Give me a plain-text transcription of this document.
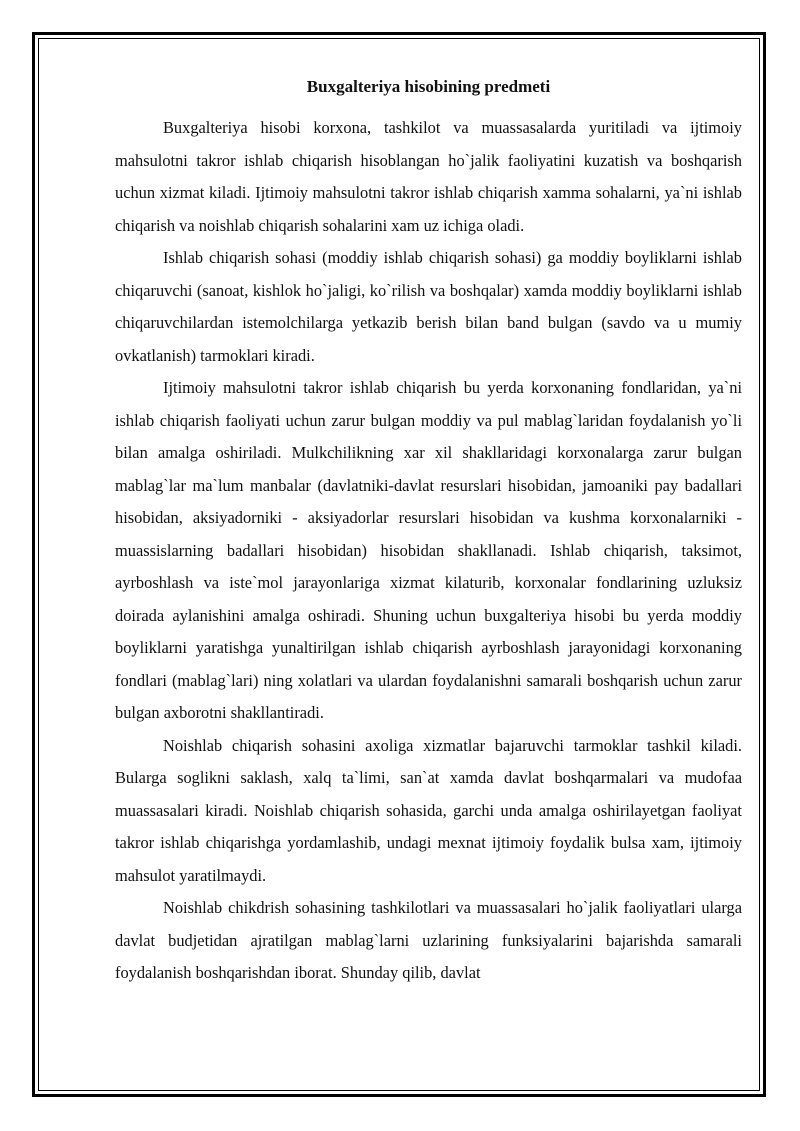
Buxgalteriya hisobining predmeti

Buxgalteriya hisobi korxona, tashkilot va muassasalarda yuritiladi va ijtimoiy mahsulotni takror ishlab chiqarish hisoblangan ho`jalik faoliyatini kuzatish va boshqarish uchun xizmat kiladi. Ijtimoiy mahsulotni takror ishlab chiqarish xamma sohalarni, ya`ni ishlab chiqarish va noishlab chiqarish sohalarini xam uz ichiga oladi.

Ishlab chiqarish sohasi (moddiy ishlab chiqarish sohasi) ga moddiy boyliklarni ishlab chiqaruvchi (sanoat, kishlok ho`jaligi, ko`rilish va boshqalar) xamda moddiy boyliklarni ishlab chiqaruvchilardan istemolchilarga yetkazib berish bilan band bulgan (savdo va u mumiy ovkatlanish) tarmoklari kiradi.

Ijtimoiy mahsulotni takror ishlab chiqarish bu yerda korxonaning fondlaridan, ya`ni ishlab chiqarish faoliyati uchun zarur bulgan moddiy va pul mablag`laridan foydalanish yo`li bilan amalga oshiriladi. Mulkchilikning xar xil shakllaridagi korxonalarga zarur bulgan mablag`lar ma`lum manbalar (davlatniki-davlat resurslari hisobidan, jamoaniki pay badallari hisobidan, aksiyadorniki - aksiyadorlar resurslari hisobidan va kushma korxonalarniki - muassislarning badallari hisobidan) hisobidan shakllanadi. Ishlab chiqarish, taksimot, ayrboshlash va iste`mol jarayonlariga xizmat kilaturib, korxonalar fondlarining uzluksiz doirada aylanishini amalga oshiradi. Shuning uchun buxgalteriya hisobi bu yerda moddiy boyliklarni yaratishga yunaltirilgan ishlab chiqarish ayrboshlash jarayonidagi korxonaning fondlari (mablag`lari) ning xolatlari va ulardan foydalanishni samarali boshqarish uchun zarur bulgan axborotni shakllantiradi.

Noishlab chiqarish sohasini axoliga xizmatlar bajaruvchi tarmoklar tashkil kiladi. Bularga soglikni saklash, xalq ta`limi, san`at xamda davlat boshqarmalari va mudofaa muassasalari kiradi. Noishlab chiqarish sohasida, garchi unda amalga oshirilayetgan faoliyat takror ishlab chiqarishga yordamlashib, undagi mexnat ijtimoiy foydalik bulsa xam, ijtimoiy mahsulot yaratilmaydi.

Noishlab chikdrish sohasining tashkilotlari va muassasalari ho`jalik faoliyatlari ularga davlat budjetidan ajratilgan mablag`larni uzlarining funksiyalarini bajarishda samarali foydalanish boshqarishdan iborat. Shunday qilib, davlat
